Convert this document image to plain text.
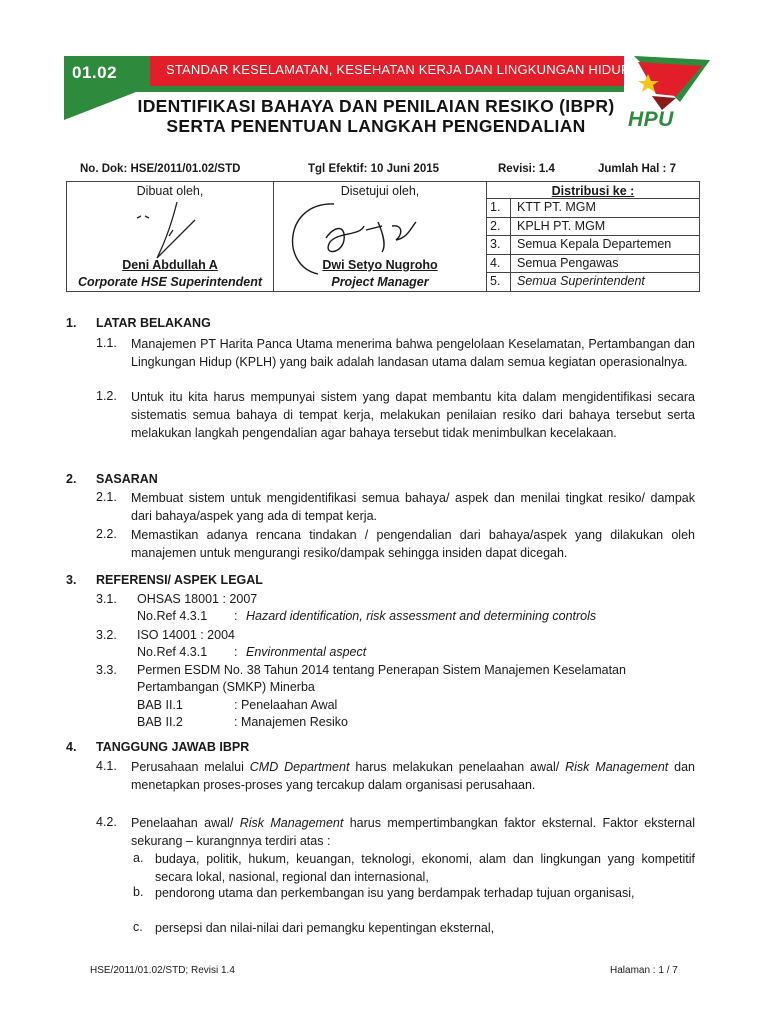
01.02	STANDAR KESELAMATAN, KESEHATAN KERJA DAN LINGKUNGAN HIDUP
IDENTIFIKASI BAHAYA DAN PENILAIAN RESIKO (IBPR)
SERTA PENENTUAN LANGKAH PENGENDALIAN	HPU
No. Dok: HSE/2011/01.02/STD	Tgl Efektif: 10 Juni 2015	Revisi: 1.4	Jumlah Hal : 7
Dibuat oleh,
Deni Abdullah A
Corporate HSE Superintendent

Disetujui oleh,
Dwi Setyo Nugroho
Project Manager

Distribusi ke :
1.	KTT PT. MGM
2.	KPLH PT. MGM
3.	Semua Kepala Departemen
4.	Semua Pengawas
5.	Semua Superintendent
1. LATAR BELAKANG
1.1. Manajemen PT Harita Panca Utama menerima bahwa pengelolaan Keselamatan, Pertambangan dan Lingkungan Hidup (KPLH) yang baik adalah landasan utama dalam semua kegiatan operasionalnya.
1.2. Untuk itu kita harus mempunyai sistem yang dapat membantu kita dalam mengidentifikasi secara sistematis semua bahaya di tempat kerja, melakukan penilaian resiko dari bahaya tersebut serta melakukan langkah pengendalian agar bahaya tersebut tidak menimbulkan kecelakaan.
2. SASARAN
2.1. Membuat sistem untuk mengidentifikasi semua bahaya/ aspek dan menilai tingkat resiko/ dampak dari bahaya/aspek yang ada di tempat kerja.
2.2. Memastikan adanya rencana tindakan / pengendalian dari bahaya/aspek yang dilakukan oleh manajemen untuk mengurangi resiko/dampak sehingga insiden dapat dicegah.
3. REFERENSI/ ASPEK LEGAL
3.1. OHSAS 18001 : 2007
No.Ref 4.3.1 : Hazard identification, risk assessment and determining controls
3.2. ISO 14001 : 2004
No.Ref 4.3.1 : Environmental aspect
3.3. Permen ESDM No. 38 Tahun 2014 tentang Penerapan Sistem Manajemen Keselamatan
Pertambangan (SMKP) Minerba
BAB II.1	: Penelaahan Awal
BAB II.2	: Manajemen Resiko
4. TANGGUNG JAWAB IBPR
4.1. Perusahaan melalui CMD Department harus melakukan penelaahan awal/ Risk Management dan menetapkan proses-proses yang tercakup dalam organisasi perusahaan.
4.2. Penelaahan awal/ Risk Management harus mempertimbangkan faktor eksternal. Faktor eksternal sekurang – kurangnnya terdiri atas :
a. budaya, politik, hukum, keuangan, teknologi, ekonomi, alam dan lingkungan yang kompetitif secara lokal, nasional, regional dan internasional,
b. pendorong utama dan perkembangan isu yang berdampak terhadap tujuan organisasi,
c. persepsi dan nilai-nilai dari pemangku kepentingan eksternal,
HSE/2011/01.02/STD; Revisi 1.4	Halaman : 1 / 7
